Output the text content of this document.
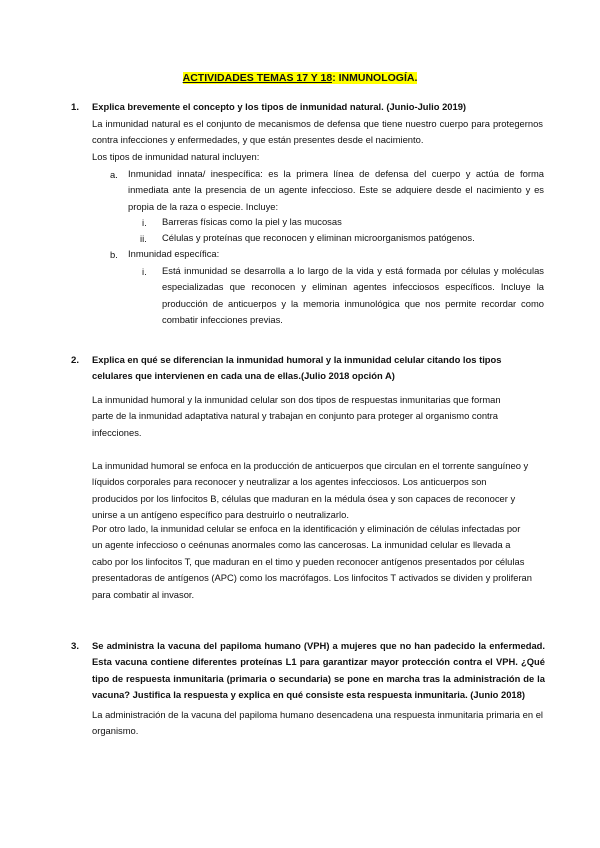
ACTIVIDADES TEMAS 17 Y 18: INMUNOLOGÍA.
1. Explica brevemente el concepto y los tipos de inmunidad natural. (Junio-Julio 2019)
La inmunidad natural es el conjunto de mecanismos de defensa que tiene nuestro cuerpo para protegernos contra infecciones y enfermedades, y que están presentes desde el nacimiento.
Los tipos de inmunidad natural incluyen:
a. Inmunidad innata/ inespecífica: es la primera línea de defensa del cuerpo y actúa de forma inmediata ante la presencia de un agente infeccioso. Este se adquiere desde el nacimiento y es propia de la raza o especie. Incluye:
i. Barreras físicas como la piel y las mucosas
ii. Células y proteínas que reconocen y eliminan microorganismos patógenos.
b. Inmunidad específica:
i. Está inmunidad se desarrolla a lo largo de la vida y está formada por células y moléculas especializadas que reconocen y eliminan agentes infecciosos específicos. Incluye la producción de anticuerpos y la memoria inmunológica que nos permite recordar como combatir infecciones previas.
2. Explica en qué se diferencian la inmunidad humoral y la inmunidad celular citando los tipos celulares que intervienen en cada una de ellas.(Julio 2018 opción A)
La inmunidad humoral y la inmunidad celular son dos tipos de respuestas inmunitarias que forman parte de la inmunidad adaptativa natural y trabajan en conjunto para proteger al organismo contra infecciones.
La inmunidad humoral se enfoca en la producción de anticuerpos que circulan en el torrente sanguíneo y líquidos corporales para reconocer y neutralizar a los agentes infecciosos. Los anticuerpos son producidos por los linfocitos B, células que maduran en la médula ósea y son capaces de reconocer y unirse a un antígeno específico para destruirlo o neutralizarlo.
Por otro lado, la inmunidad celular se enfoca en la identificación y eliminación de células infectadas por un agente infeccioso o ceénunas anormales como las cancerosas. La inmunidad celular es llevada a cabo por los linfocitos T, que maduran en el timo y pueden reconocer antígenos presentados por células presentadoras de antígenos (APC) como los macrófagos. Los linfocitos T activados se dividen y proliferan para combatir al invasor.
3. Se administra la vacuna del papiloma humano (VPH) a mujeres que no han padecido la enfermedad. Esta vacuna contiene diferentes proteínas L1 para garantizar mayor protección contra el VPH. ¿Qué tipo de respuesta inmunitaria (primaria o secundaria) se pone en marcha tras la administración de la vacuna? Justifica la respuesta y explica en qué consiste esta respuesta inmunitaria. (Junio 2018)
La administración de la vacuna del papiloma humano desencadena una respuesta inmunitaria primaria en el organismo.
